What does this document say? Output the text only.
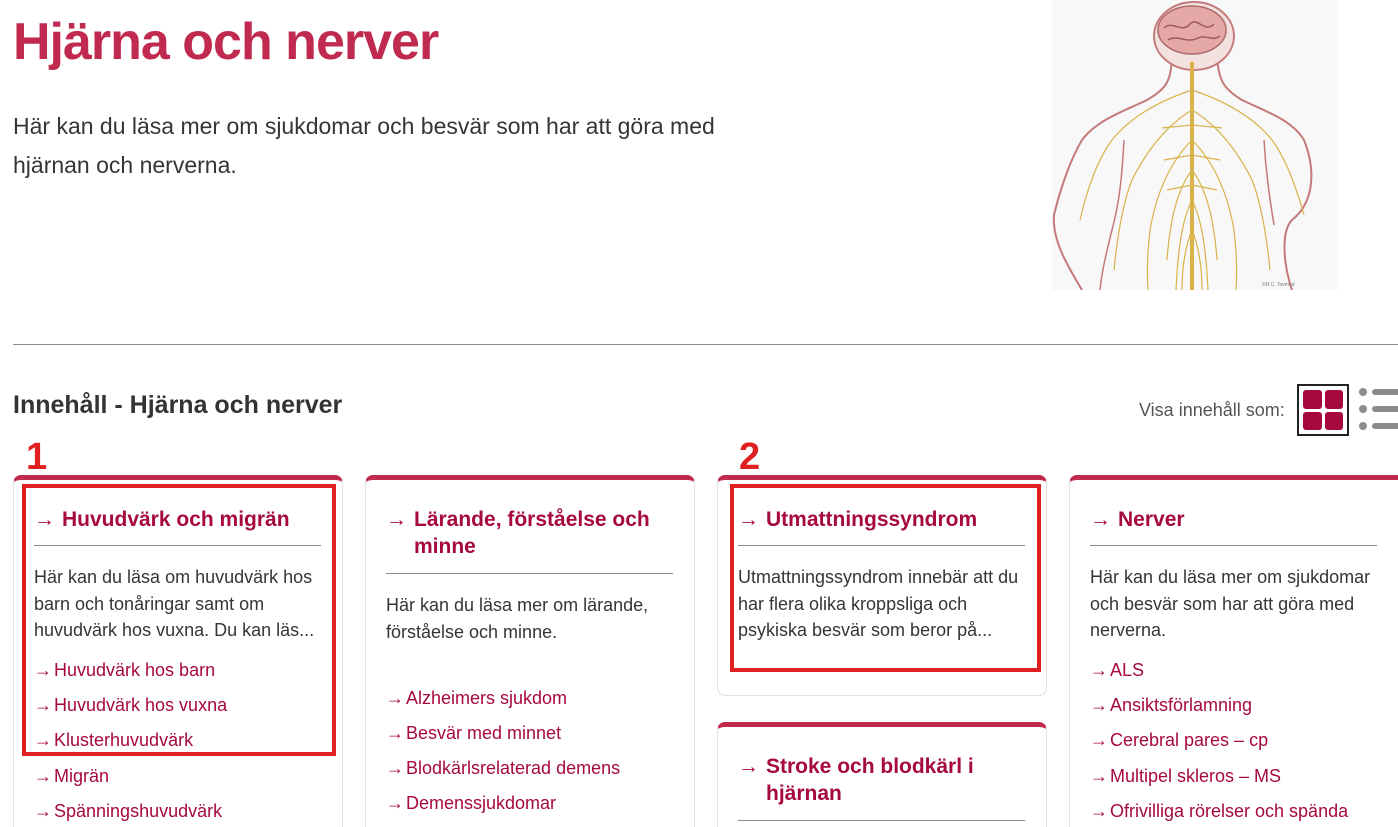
Hjärna och nerver

Här kan du läsa mer om sjukdomar och besvär som har att göra med hjärnan och nerverna.

©H.C. Tovmud
Innehåll - Hjärna och nerver	Visa innehåll som:
→ Huvudvärk och migrän
Här kan du läsa om huvudvärk hos barn och tonåringar samt om huvudvärk hos vuxna. Du kan läs...
→ Huvudvärk hos barn
→ Huvudvärk hos vuxna
→ Klusterhuvudvärk
→ Migrän
→ Spänningshuvudvärk
→ Lärande, förståelse och
minne
Här kan du läsa mer om lärande, förståelse och minne.
→ Alzheimers sjukdom
→ Besvär med minnet
→ Blodkärlsrelaterad demens
→ Demenssjukdomar
→ Utmattningssyndrom
Utmattningssyndrom innebär att du har flera olika kroppsliga och psykiska besvär som beror på...
→ Stroke och blodkärl i
hjärnan
→ Nerver
Här kan du läsa mer om sjukdomar och besvär som har att göra med nerverna.
→ ALS
→ Ansiktsförlamning
→ Cerebral pares – cp
→ Multipel skleros – MS
→ Ofrivilliga rörelser och spända
1	2
